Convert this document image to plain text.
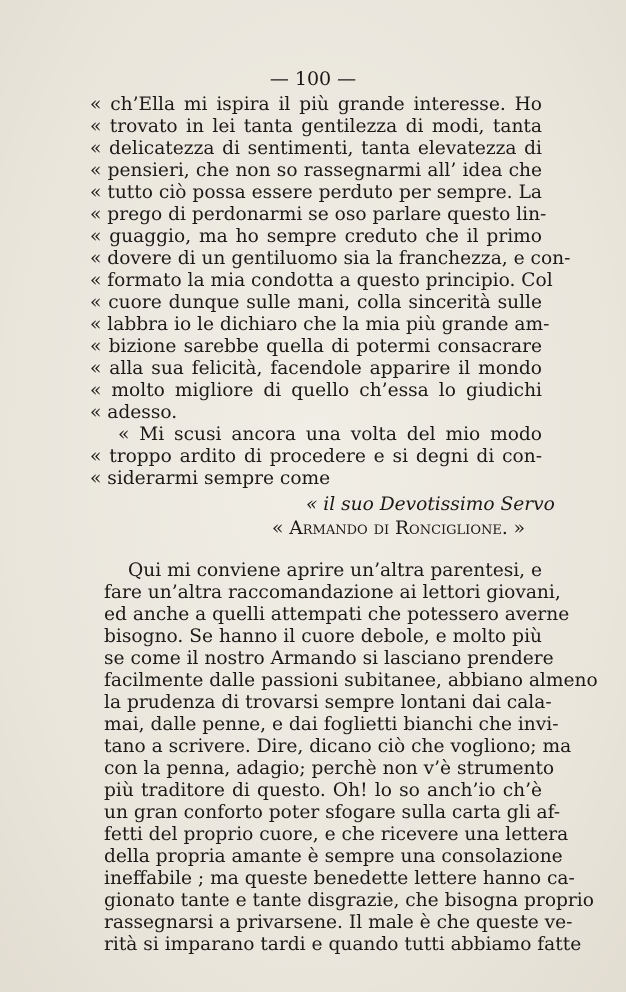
— 100 —
« ch’Ella mi ispira il più grande interesse. Ho
« trovato in lei tanta gentilezza di modi, tanta
« delicatezza di sentimenti, tanta elevatezza di
« pensieri, che non so rassegnarmi all’ idea che
« tutto ciò possa essere perduto per sempre. La
« prego di perdonarmi se oso parlare questo lin-
« guaggio, ma ho sempre creduto che il primo
« dovere di un gentiluomo sia la franchezza, e con-
« formato la mia condotta a questo principio. Col
« cuore dunque sulle mani, colla sincerità sulle
« labbra io le dichiaro che la mia più grande am-
« bizione sarebbe quella di potermi consacrare
« alla sua felicità, facendole apparire il mondo
« molto migliore di quello ch’essa lo giudichi
« adesso.
« Mi scusi ancora una volta del mio modo
« troppo ardito di procedere e si degni di con-
« siderarmi sempre come
« il suo Devotissimo Servo
« Armando di Ronciglione. »
Qui mi conviene aprire un’altra parentesi, e
fare un’altra raccomandazione ai lettori giovani,
ed anche a quelli attempati che potessero averne
bisogno. Se hanno il cuore debole, e molto più
se come il nostro Armando si lasciano prendere
facilmente dalle passioni subitanee, abbiano almeno
la prudenza di trovarsi sempre lontani dai cala-
mai, dalle penne, e dai foglietti bianchi che invi-
tano a scrivere. Dire, dicano ciò che vogliono; ma
con la penna, adagio; perchè non v’è strumento
più traditore di questo. Oh! lo so anch’io ch’è
un gran conforto poter sfogare sulla carta gli af-
fetti del proprio cuore, e che ricevere una lettera
della propria amante è sempre una consolazione
ineffabile ; ma queste benedette lettere hanno ca-
gionato tante e tante disgrazie, che bisogna proprio
rassegnarsi a privarsene. Il male è che queste ve-
rità si imparano tardi e quando tutti abbiamo fatte
